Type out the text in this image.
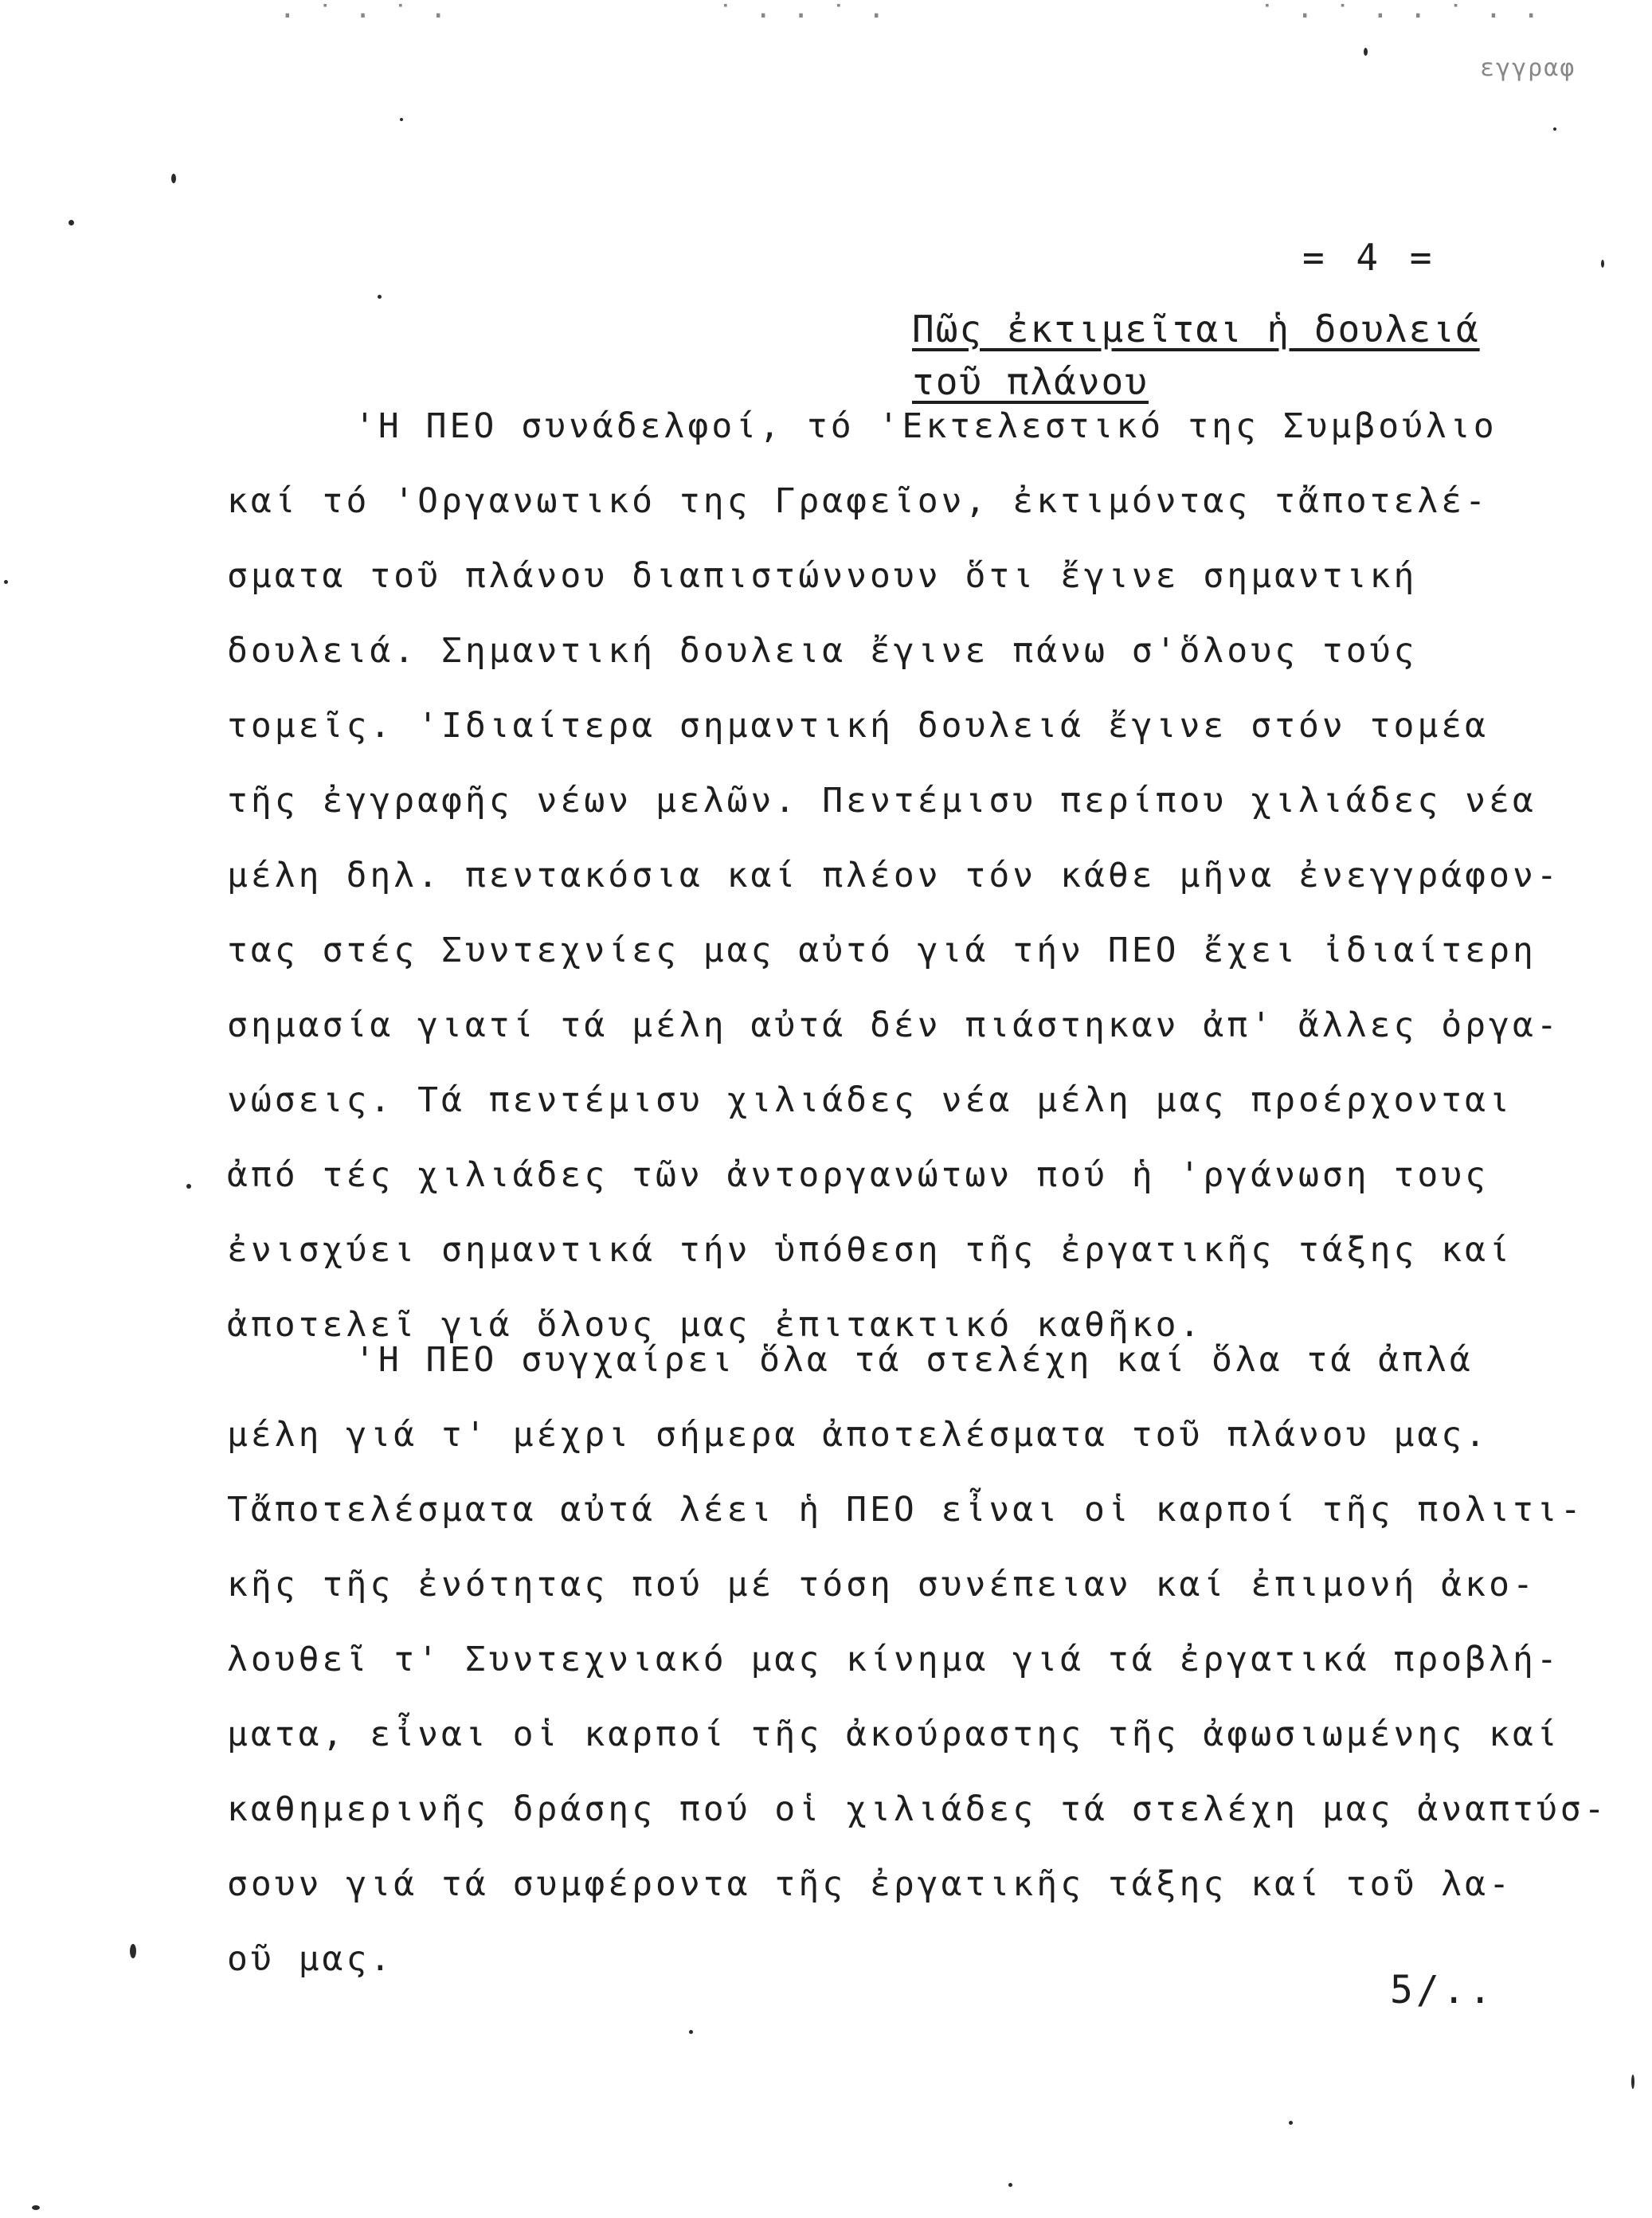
· ˙ · ˙ ·	˙ · · ˙ ·	˙ · ˙ · · ˙ · ·
εγγραφ
= 4 =
Πῶς ἐκτιμεῖται ἡ δουλειά
τοῦ πλάνου
'Η ΠΕΟ συνάδελφοί, τό 'Εκτελεστικό της Συμβούλιο
καί τό 'Οργανωτικό της Γραφεῖον, ἐκτιμόντας τἄποτελέ-
σματα τοῦ πλάνου διαπιστώννουν ὅτι ἔγινε σημαντική
δουλειά. Σημαντική δουλεια ἔγινε πάνω σ'ὅλους τούς
τομεῖς. 'Ιδιαίτερα σημαντική δουλειά ἔγινε στόν τομέα
τῆς ἐγγραφῆς νέων μελῶν. Πεντέμισυ περίπου χιλιάδες νέα
μέλη δηλ. πεντακόσια καί πλέον τόν κάθε μῆνα ἐνεγγράφον-
τας στές Συντεχνίες μας αὐτό γιά τήν ΠΕΟ ἔχει ἰδιαίτερη
σημασία γιατί τά μέλη αὐτά δέν πιάστηκαν ἀπ' ἄλλες ὀργα-
νώσεις. Τά πεντέμισυ χιλιάδες νέα μέλη μας προέρχονται
ἀπό τές χιλιάδες τῶν ἀντοργανώτων πού ἡ 'ργάνωση τους
ἐνισχύει σημαντικά τήν ὑπόθεση τῆς ἐργατικῆς τάξης καί
ἀποτελεῖ γιά ὅλους μας ἐπιτακτικό καθῆκο.
'Η ΠΕΟ συγχαίρει ὅλα τά στελέχη καί ὅλα τά ἀπλά
μέλη γιά τ' μέχρι σήμερα ἀποτελέσματα τοῦ πλάνου μας.
Τἄποτελέσματα αὐτά λέει ἡ ΠΕΟ εἶναι οἱ καρποί τῆς πολιτι-
κῆς τῆς ἐνότητας πού μέ τόση συνέπειαν καί ἐπιμονή ἀκο-
λουθεῖ τ' Συντεχνιακό μας κίνημα γιά τά ἐργατικά προβλή-
ματα, εἶναι οἱ καρποί τῆς ἀκούραστης τῆς ἀφωσιωμένης καί
καθημερινῆς δράσης πού οἱ χιλιάδες τά στελέχη μας ἀναπτύσ-
σουν γιά τά συμφέροντα τῆς ἐργατικῆς τάξης καί τοῦ λα-
οῦ μας.
5/..
